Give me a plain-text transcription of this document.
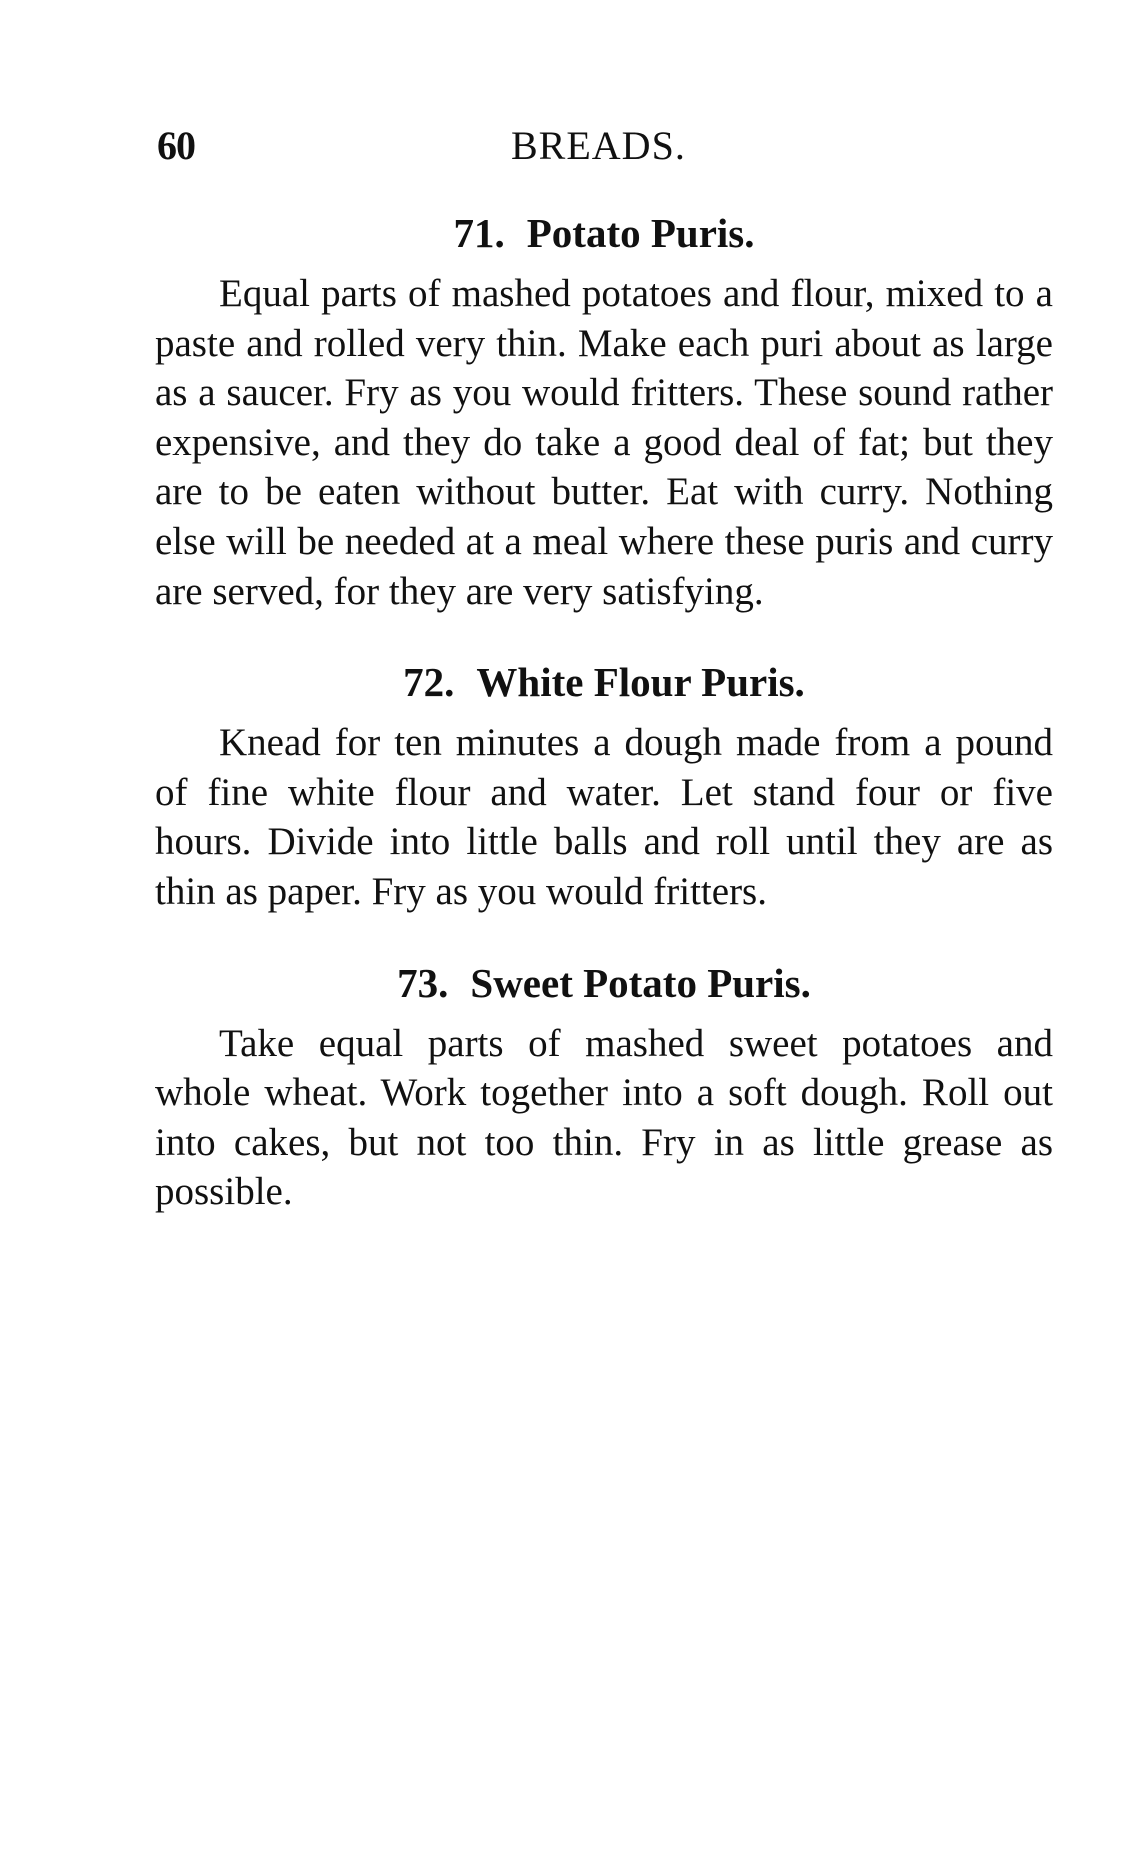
60	BREADS.
71. Potato Puris.

Equal parts of mashed potatoes and flour, mixed to a paste and rolled very thin. Make each puri about as large as a saucer. Fry as you would fritters. These sound rather expensive, and they do take a good deal of fat; but they are to be eaten without butter. Eat with curry. Nothing else will be needed at a meal where these puris and curry are served, for they are very satisfying.

72. White Flour Puris.

Knead for ten minutes a dough made from a pound of fine white flour and water. Let stand four or five hours. Divide into little balls and roll until they are as thin as paper. Fry as you would fritters.

73. Sweet Potato Puris.

Take equal parts of mashed sweet potatoes and whole wheat. Work together into a soft dough. Roll out into cakes, but not too thin. Fry in as little grease as possible.
